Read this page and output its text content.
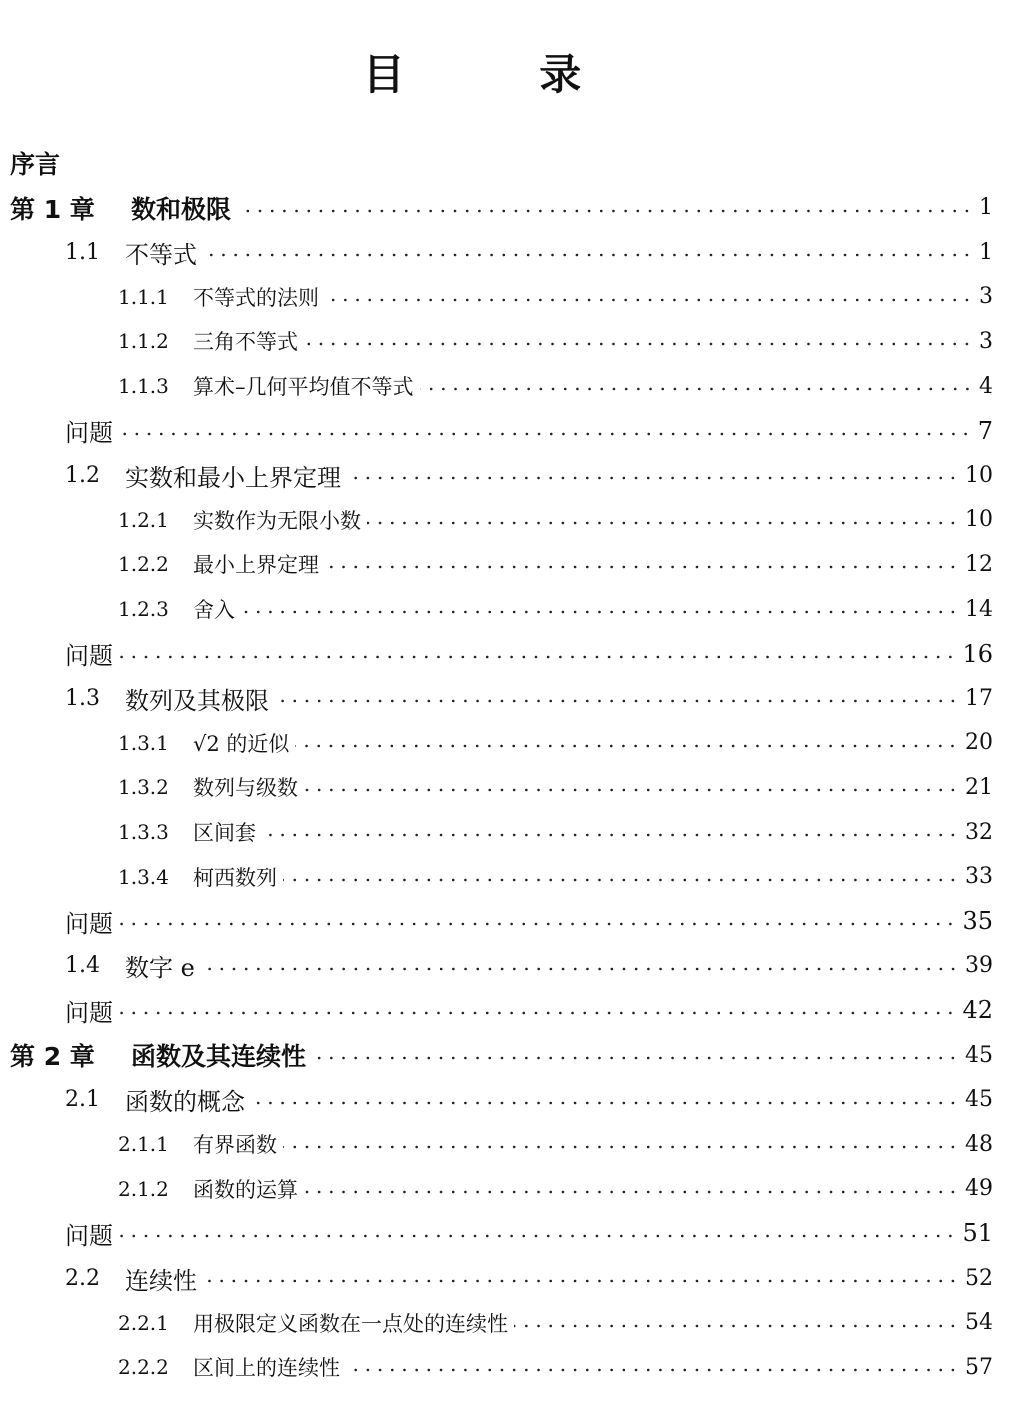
目 录
序言
第 1 章	数和极限	1
1.1	不等式	1
1.1.1	不等式的法则	3
1.1.2	三角不等式	3
1.1.3	算术–几何平均值不等式	4
问题	7
1.2	实数和最小上界定理	10
1.2.1	实数作为无限小数	10
1.2.2	最小上界定理	12
1.2.3	舍入	14
问题	16
1.3	数列及其极限	17
1.3.1	√2 的近似	20
1.3.2	数列与级数	21
1.3.3	区间套	32
1.3.4	柯西数列	33
问题	35
1.4	数字 e	39
问题	42
第 2 章	函数及其连续性	45
2.1	函数的概念	45
2.1.1	有界函数	48
2.1.2	函数的运算	49
问题	51
2.2	连续性	52
2.2.1	用极限定义函数在一点处的连续性	54
2.2.2	区间上的连续性	57
